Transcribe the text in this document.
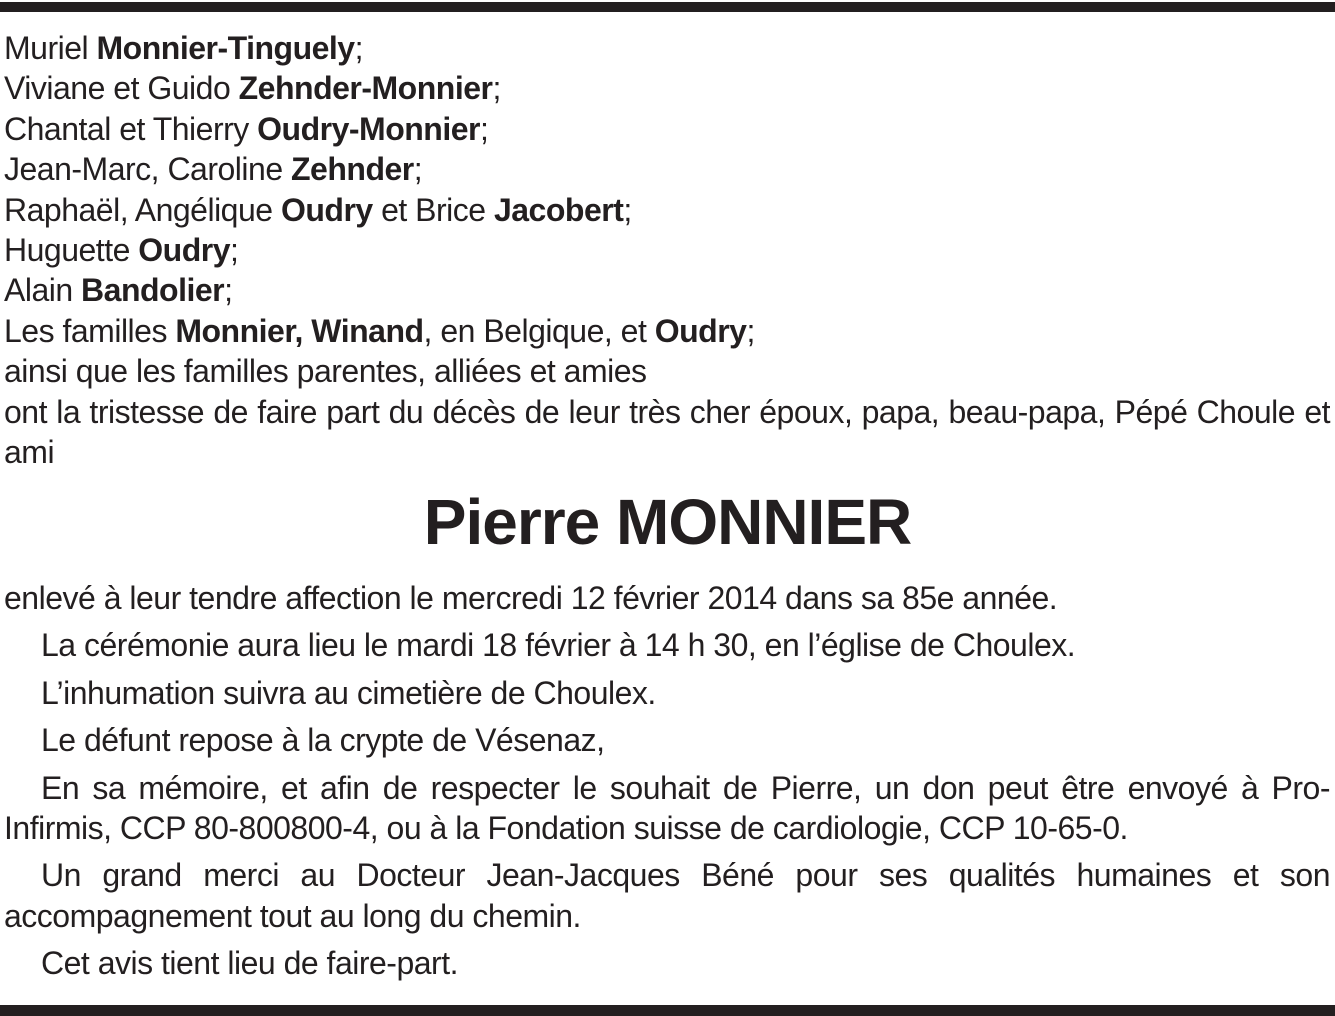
Muriel Monnier-Tinguely;
Viviane et Guido Zehnder-Monnier;
Chantal et Thierry Oudry-Monnier;
Jean-Marc, Caroline Zehnder;
Raphaël, Angélique Oudry et Brice Jacobert;
Huguette Oudry;
Alain Bandolier;
Les familles Monnier, Winand, en Belgique, et Oudry;
ainsi que les familles parentes, alliées et amies

ont la tristesse de faire part du décès de leur très cher époux, papa, beau-papa, Pépé Choule et ami

Pierre MONNIER

enlevé à leur tendre affection le mercredi 12 février 2014 dans sa 85e année.

La cérémonie aura lieu le mardi 18 février à 14 h 30, en l’église de Choulex.

L’inhumation suivra au cimetière de Choulex.

Le défunt repose à la crypte de Vésenaz,

En sa mémoire, et afin de respecter le souhait de Pierre, un don peut être envoyé à Pro-Infirmis, CCP 80-800800-4, ou à la Fondation suisse de cardiologie, CCP 10-65-0.

Un grand merci au Docteur Jean-Jacques Béné pour ses qualités humaines et son accompagnement tout au long du chemin.

Cet avis tient lieu de faire-part.
